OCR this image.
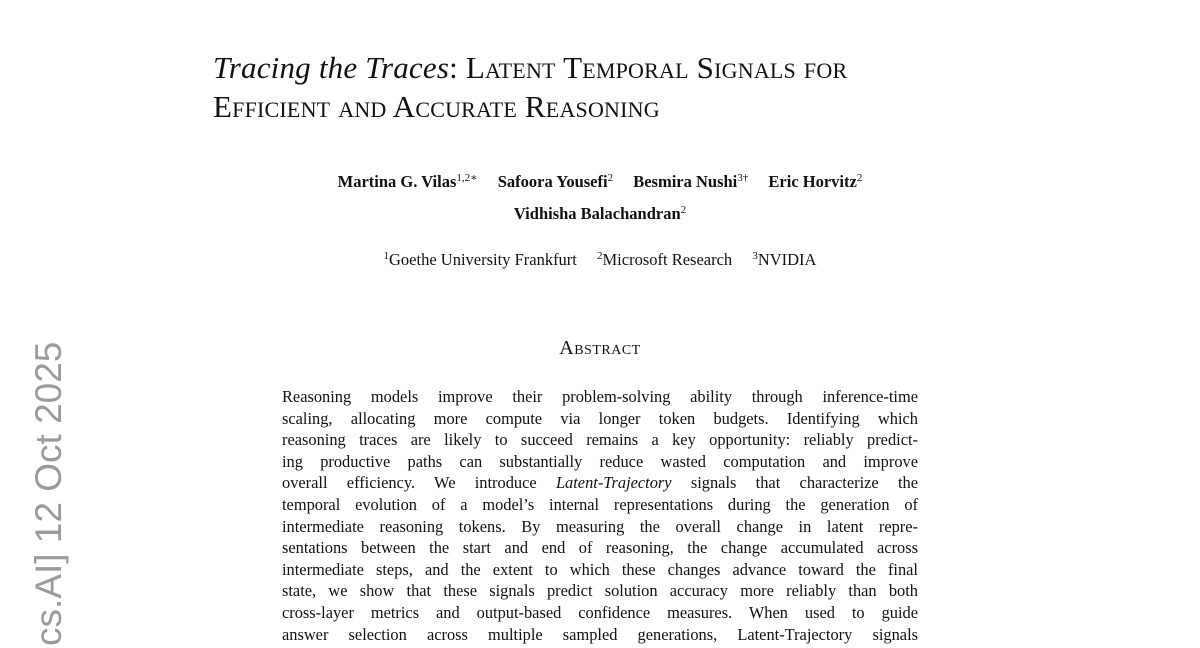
cs.AI] 12 Oct 2025
Tracing the Traces: Latent Temporal Signals for
Efficient and Accurate Reasoning
Martina G. Vilas$^{1,2∗}$ Safoora Yousefi$^2$ Besmira Nushi$^{3\dagger}$ Eric Horvitz$^2$
Vidhisha Balachandran$^2$
$^1$Goethe University Frankfurt $^2$Microsoft Research $^3$NVIDIA
Abstract
Reasoning models improve their problem-solving ability through inference-time
scaling, allocating more compute via longer token budgets. Identifying which
reasoning traces are likely to succeed remains a key opportunity: reliably predict-
ing productive paths can substantially reduce wasted computation and improve
overall efficiency. We introduce Latent-Trajectory signals that characterize the
temporal evolution of a model’s internal representations during the generation of
intermediate reasoning tokens. By measuring the overall change in latent repre-
sentations between the start and end of reasoning, the change accumulated across
intermediate steps, and the extent to which these changes advance toward the final
state, we show that these signals predict solution accuracy more reliably than both
cross-layer metrics and output-based confidence measures. When used to guide
answer selection across multiple sampled generations, Latent-Trajectory signals
